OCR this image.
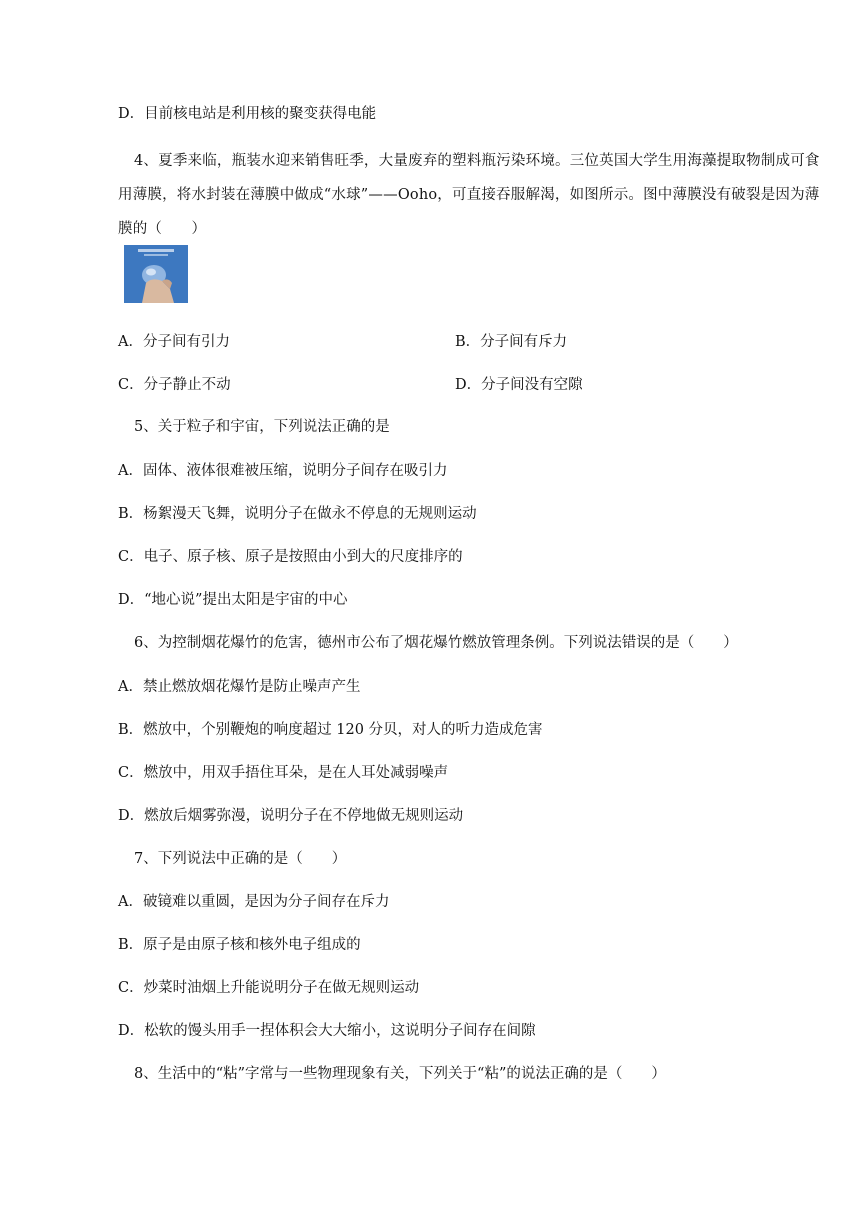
D．目前核电站是利用核的聚变获得电能
4、夏季来临，瓶装水迎来销售旺季，大量废弃的塑料瓶污染环境。三位英国大学生用海藻提取物制成可食用薄膜，将水封装在薄膜中做成“水球”——Ooho，可直接吞服解渴，如图所示。图中薄膜没有破裂是因为薄膜的（　　）
A．分子间有引力	B．分子间有斥力
C．分子静止不动	D．分子间没有空隙
5、关于粒子和宇宙，下列说法正确的是
A．固体、液体很难被压缩，说明分子间存在吸引力
B．杨絮漫天飞舞，说明分子在做永不停息的无规则运动
C．电子、原子核、原子是按照由小到大的尺度排序的
D．“地心说”提出太阳是宇宙的中心
6、为控制烟花爆竹的危害，德州市公布了烟花爆竹燃放管理条例。下列说法错误的是（　　）
A．禁止燃放烟花爆竹是防止噪声产生
B．燃放中，个别鞭炮的响度超过 120 分贝，对人的听力造成危害
C．燃放中，用双手捂住耳朵，是在人耳处减弱噪声
D．燃放后烟雾弥漫，说明分子在不停地做无规则运动
7、下列说法中正确的是（　　）
A．破镜难以重圆，是因为分子间存在斥力
B．原子是由原子核和核外电子组成的
C．炒菜时油烟上升能说明分子在做无规则运动
D．松软的馒头用手一捏体积会大大缩小，这说明分子间存在间隙
8、生活中的“粘”字常与一些物理现象有关，下列关于“粘”的说法正确的是（　　）
